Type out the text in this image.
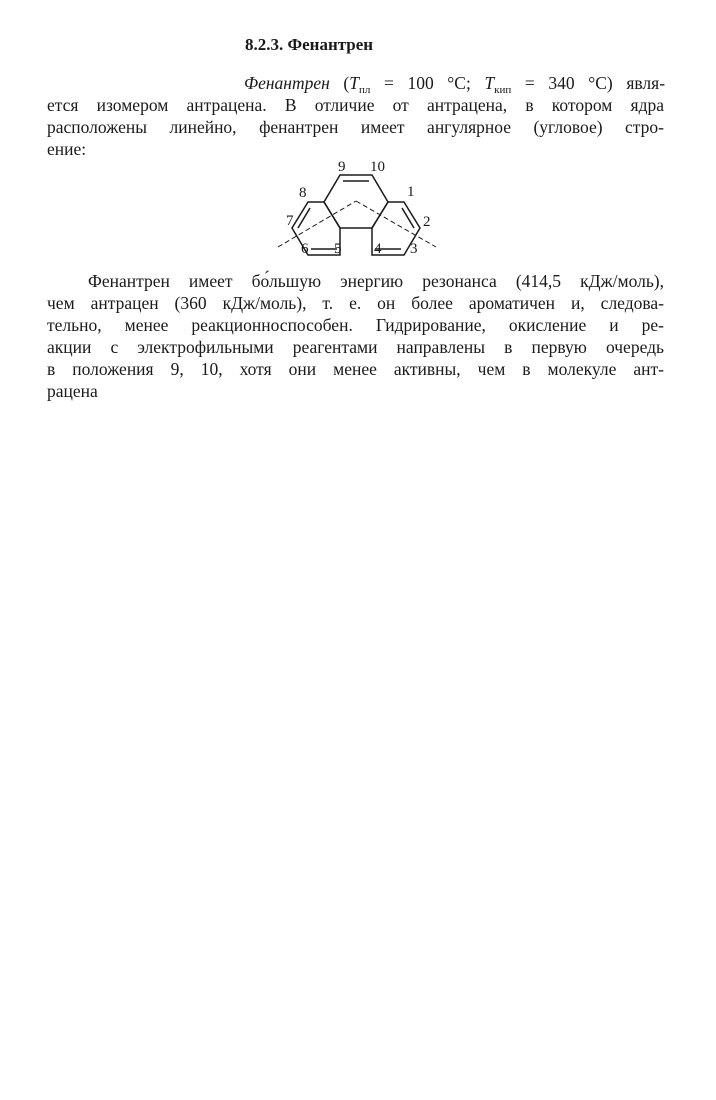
8.2.3. Фенантрен
Фенантрен ($T_{пл} = 100$ °C; $T_{кип} = 340$ °C) явля-
ется изомером антрацена. В отличие от антрацена, в котором ядра
расположены линейно, фенантрен имеет ангулярное (угловое) стро-
ение:
9 10
1
2
3
4
5
6
7
8
Фенантрен имеет бо́льшую энергию резонанса (414,5 кДж/моль),
чем антрацен (360 кДж/моль), т. е. он более ароматичен и, следова-
тельно, менее реакционноспособен. Гидрирование, окисление и ре-
акции с электрофильными реагентами направлены в первую очередь
в положения 9, 10, хотя они менее активны, чем в молекуле ант-
рацена
